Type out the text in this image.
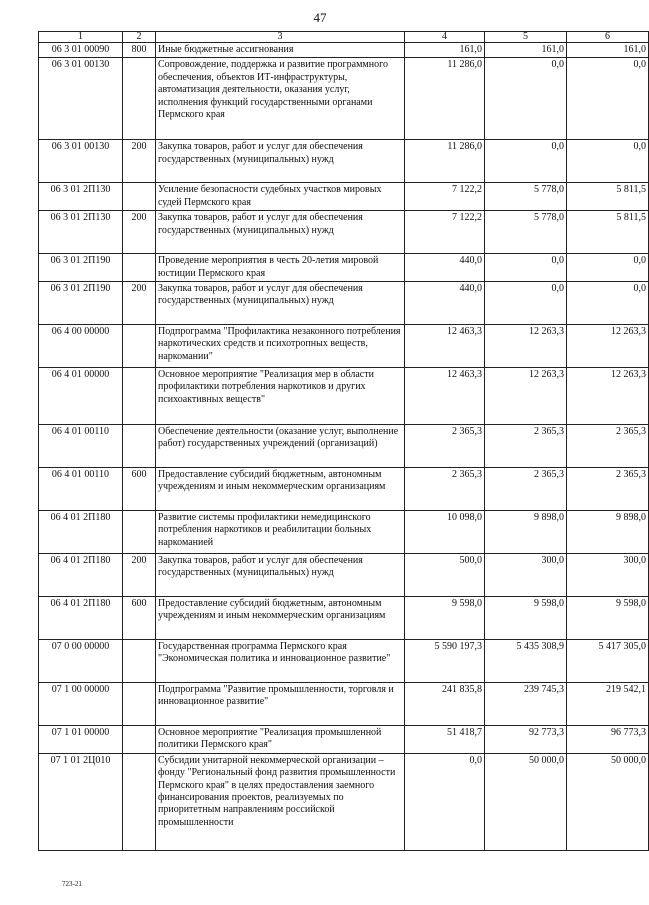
47
1	2	3	4	5	6
06 3 01 00090	800	Иные бюджетные ассигнования	161,0	161,0	161,0
06 3 01 00130		Сопровождение, поддержка и развитие программного обеспечения, объектов ИТ-инфраструктуры, автоматизация деятельности, оказания услуг, исполнения функций государственными органами Пермского края	11 286,0	0,0	0,0
06 3 01 00130	200	Закупка товаров, работ и услуг для обеспечения государственных (муниципальных) нужд	11 286,0	0,0	0,0
06 3 01 2П130		Усиление безопасности судебных участков мировых судей Пермского края	7 122,2	5 778,0	5 811,5
06 3 01 2П130	200	Закупка товаров, работ и услуг для обеспечения государственных (муниципальных) нужд	7 122,2	5 778,0	5 811,5
06 3 01 2П190		Проведение мероприятия в честь 20-летия мировой юстиции Пермского края	440,0	0,0	0,0
06 3 01 2П190	200	Закупка товаров, работ и услуг для обеспечения государственных (муниципальных) нужд	440,0	0,0	0,0
06 4 00 00000		Подпрограмма "Профилактика незаконного потребления наркотических средств и психотропных веществ, наркомании"	12 463,3	12 263,3	12 263,3
06 4 01 00000		Основное мероприятие "Реализация мер в области профилактики потребления наркотиков и других психоактивных веществ"	12 463,3	12 263,3	12 263,3
06 4 01 00110		Обеспечение деятельности (оказание услуг, выполнение работ) государственных учреждений (организаций)	2 365,3	2 365,3	2 365,3
06 4 01 00110	600	Предоставление субсидий бюджетным, автономным учреждениям и иным некоммерческим организациям	2 365,3	2 365,3	2 365,3
06 4 01 2П180		Развитие системы профилактики немедицинского потребления наркотиков и реабилитации больных наркоманией	10 098,0	9 898,0	9 898,0
06 4 01 2П180	200	Закупка товаров, работ и услуг для обеспечения государственных (муниципальных) нужд	500,0	300,0	300,0
06 4 01 2П180	600	Предоставление субсидий бюджетным, автономным учреждениям и иным некоммерческим организациям	9 598,0	9 598,0	9 598,0
07 0 00 00000		Государственная программа Пермского края "Экономическая политика и инновационное развитие"	5 590 197,3	5 435 308,9	5 417 305,0
07 1 00 00000		Подпрограмма "Развитие промышленности, торговля и инновационное развитие"	241 835,8	239 745,3	219 542,1
07 1 01 00000		Основное мероприятие "Реализация промышленной политики Пермского края"	51 418,7	92 773,3	96 773,3
07 1 01 2Ц010		Субсидии унитарной некоммерческой организации – фонду "Региональный фонд развития промышленности Пермского края" в целях предоставления заемного финансирования проектов, реализуемых по приоритетным направлениям российской промышленности	0,0	50 000,0	50 000,0
723-21
